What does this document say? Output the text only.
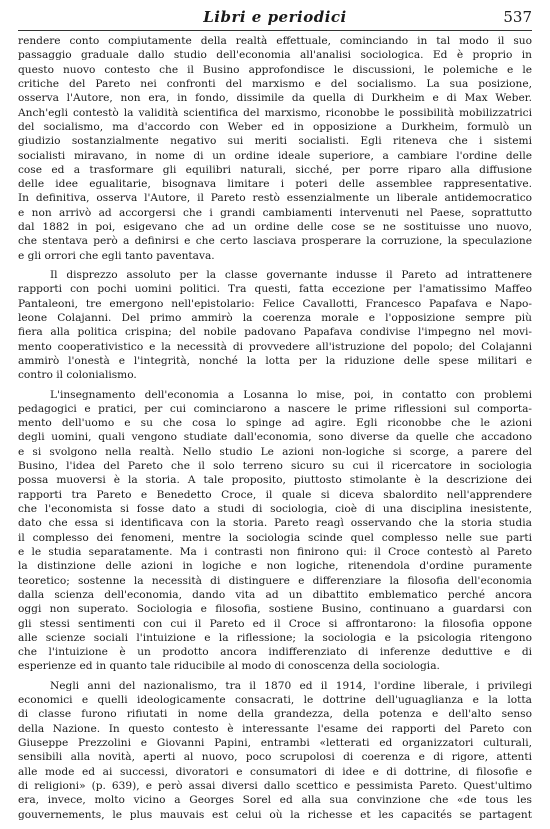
Libri e periodici	537
rendere conto compiutamente della realtà effettuale, cominciando in tal modo il suo
passaggio graduale dallo studio dell'economia all'analisi sociologica. Ed è proprio in
questo nuovo contesto che il Busino approfondisce le discussioni, le polemiche e le
critiche del Pareto nei confronti del marxismo e del socialismo. La sua posizione,
osserva l'Autore, non era, in fondo, dissimile da quella di Durkheim e di Max Weber.
Anch'egli contestò la validità scientifica del marxismo, riconobbe le possibilità mobilizzatrici
del socialismo, ma d'accordo con Weber ed in opposizione a Durkheim, formulò un
giudizio sostanzialmente negativo sui meriti socialisti. Egli riteneva che i sistemi
socialisti miravano, in nome di un ordine ideale superiore, a cambiare l'ordine delle
cose ed a trasformare gli equilibri naturali, sicché, per porre riparo alla diffusione
delle idee egualitarie, bisognava limitare i poteri delle assemblee rappresentative.
In definitiva, osserva l'Autore, il Pareto restò essenzialmente un liberale antidemocratico
e non arrivò ad accorgersi che i grandi cambiamenti intervenuti nel Paese, soprattutto
dal 1882 in poi, esigevano che ad un ordine delle cose se ne sostituisse uno nuovo,
che stentava però a definirsi e che certo lasciava prosperare la corruzione, la speculazione
e gli orrori che egli tanto paventava.
Il disprezzo assoluto per la classe governante indusse il Pareto ad intrattenere
rapporti con pochi uomini politici. Tra questi, fatta eccezione per l'amatissimo Maffeo
Pantaleoni, tre emergono nell'epistolario: Felice Cavallotti, Francesco Papafava e Napo-
leone Colajanni. Del primo ammirò la coerenza morale e l'opposizione sempre più
fiera alla politica crispina; del nobile padovano Papafava condivise l'impegno nel movi-
mento cooperativistico e la necessità di provvedere all'istruzione del popolo; del Colajanni
ammirò l'onestà e l'integrità, nonché la lotta per la riduzione delle spese militari e
contro il colonialismo.
L'insegnamento dell'economia a Losanna lo mise, poi, in contatto con problemi
pedagogici e pratici, per cui cominciarono a nascere le prime riflessioni sul comporta-
mento dell'uomo e su che cosa lo spinge ad agire. Egli riconobbe che le azioni
degli uomini, quali vengono studiate dall'economia, sono diverse da quelle che accadono
e si svolgono nella realtà. Nello studio Le azioni non-logiche si scorge, a parere del
Busino, l'idea del Pareto che il solo terreno sicuro su cui il ricercatore in sociologia
possa muoversi è la storia. A tale proposito, piuttosto stimolante è la descrizione dei
rapporti tra Pareto e Benedetto Croce, il quale si diceva sbalordito nell'apprendere
che l'economista si fosse dato a studi di sociologia, cioè di una disciplina inesistente,
dato che essa si identificava con la storia. Pareto reagì osservando che la storia studia
il complesso dei fenomeni, mentre la sociologia scinde quel complesso nelle sue parti
e le studia separatamente. Ma i contrasti non finirono qui: il Croce contestò al Pareto
la distinzione delle azioni in logiche e non logiche, ritenendola d'ordine puramente
teoretico; sostenne la necessità di distinguere e differenziare la filosofia dell'economia
dalla scienza dell'economia, dando vita ad un dibattito emblematico perché ancora
oggi non superato. Sociologia e filosofia, sostiene Busino, continuano a guardarsi con
gli stessi sentimenti con cui il Pareto ed il Croce si affrontarono: la filosofia oppone
alle scienze sociali l'intuizione e la riflessione; la sociologia e la psicologia ritengono
che l'intuizione è un prodotto ancora indifferenziato di inferenze deduttive e di
esperienze ed in quanto tale riducibile al modo di conoscenza della sociologia.
Negli anni del nazionalismo, tra il 1870 ed il 1914, l'ordine liberale, i privilegi
economici e quelli ideologicamente consacrati, le dottrine dell'uguaglianza e la lotta
di classe furono rifiutati in nome della grandezza, della potenza e dell'alto senso
della Nazione. In questo contesto è interessante l'esame dei rapporti del Pareto con
Giuseppe Prezzolini e Giovanni Papini, entrambi «letterati ed organizzatori culturali,
sensibili alla novità, aperti al nuovo, poco scrupolosi di coerenza e di rigore, attenti
alle mode ed ai successi, divoratori e consumatori di idee e di dottrine, di filosofie e
di religioni» (p. 639), e però assai diversi dallo scettico e pessimista Pareto. Quest'ultimo
era, invece, molto vicino a Georges Sorel ed alla sua convinzione che «de tous les
gouvernements, le plus mauvais est celui où la richesse et les capacités se partagent
